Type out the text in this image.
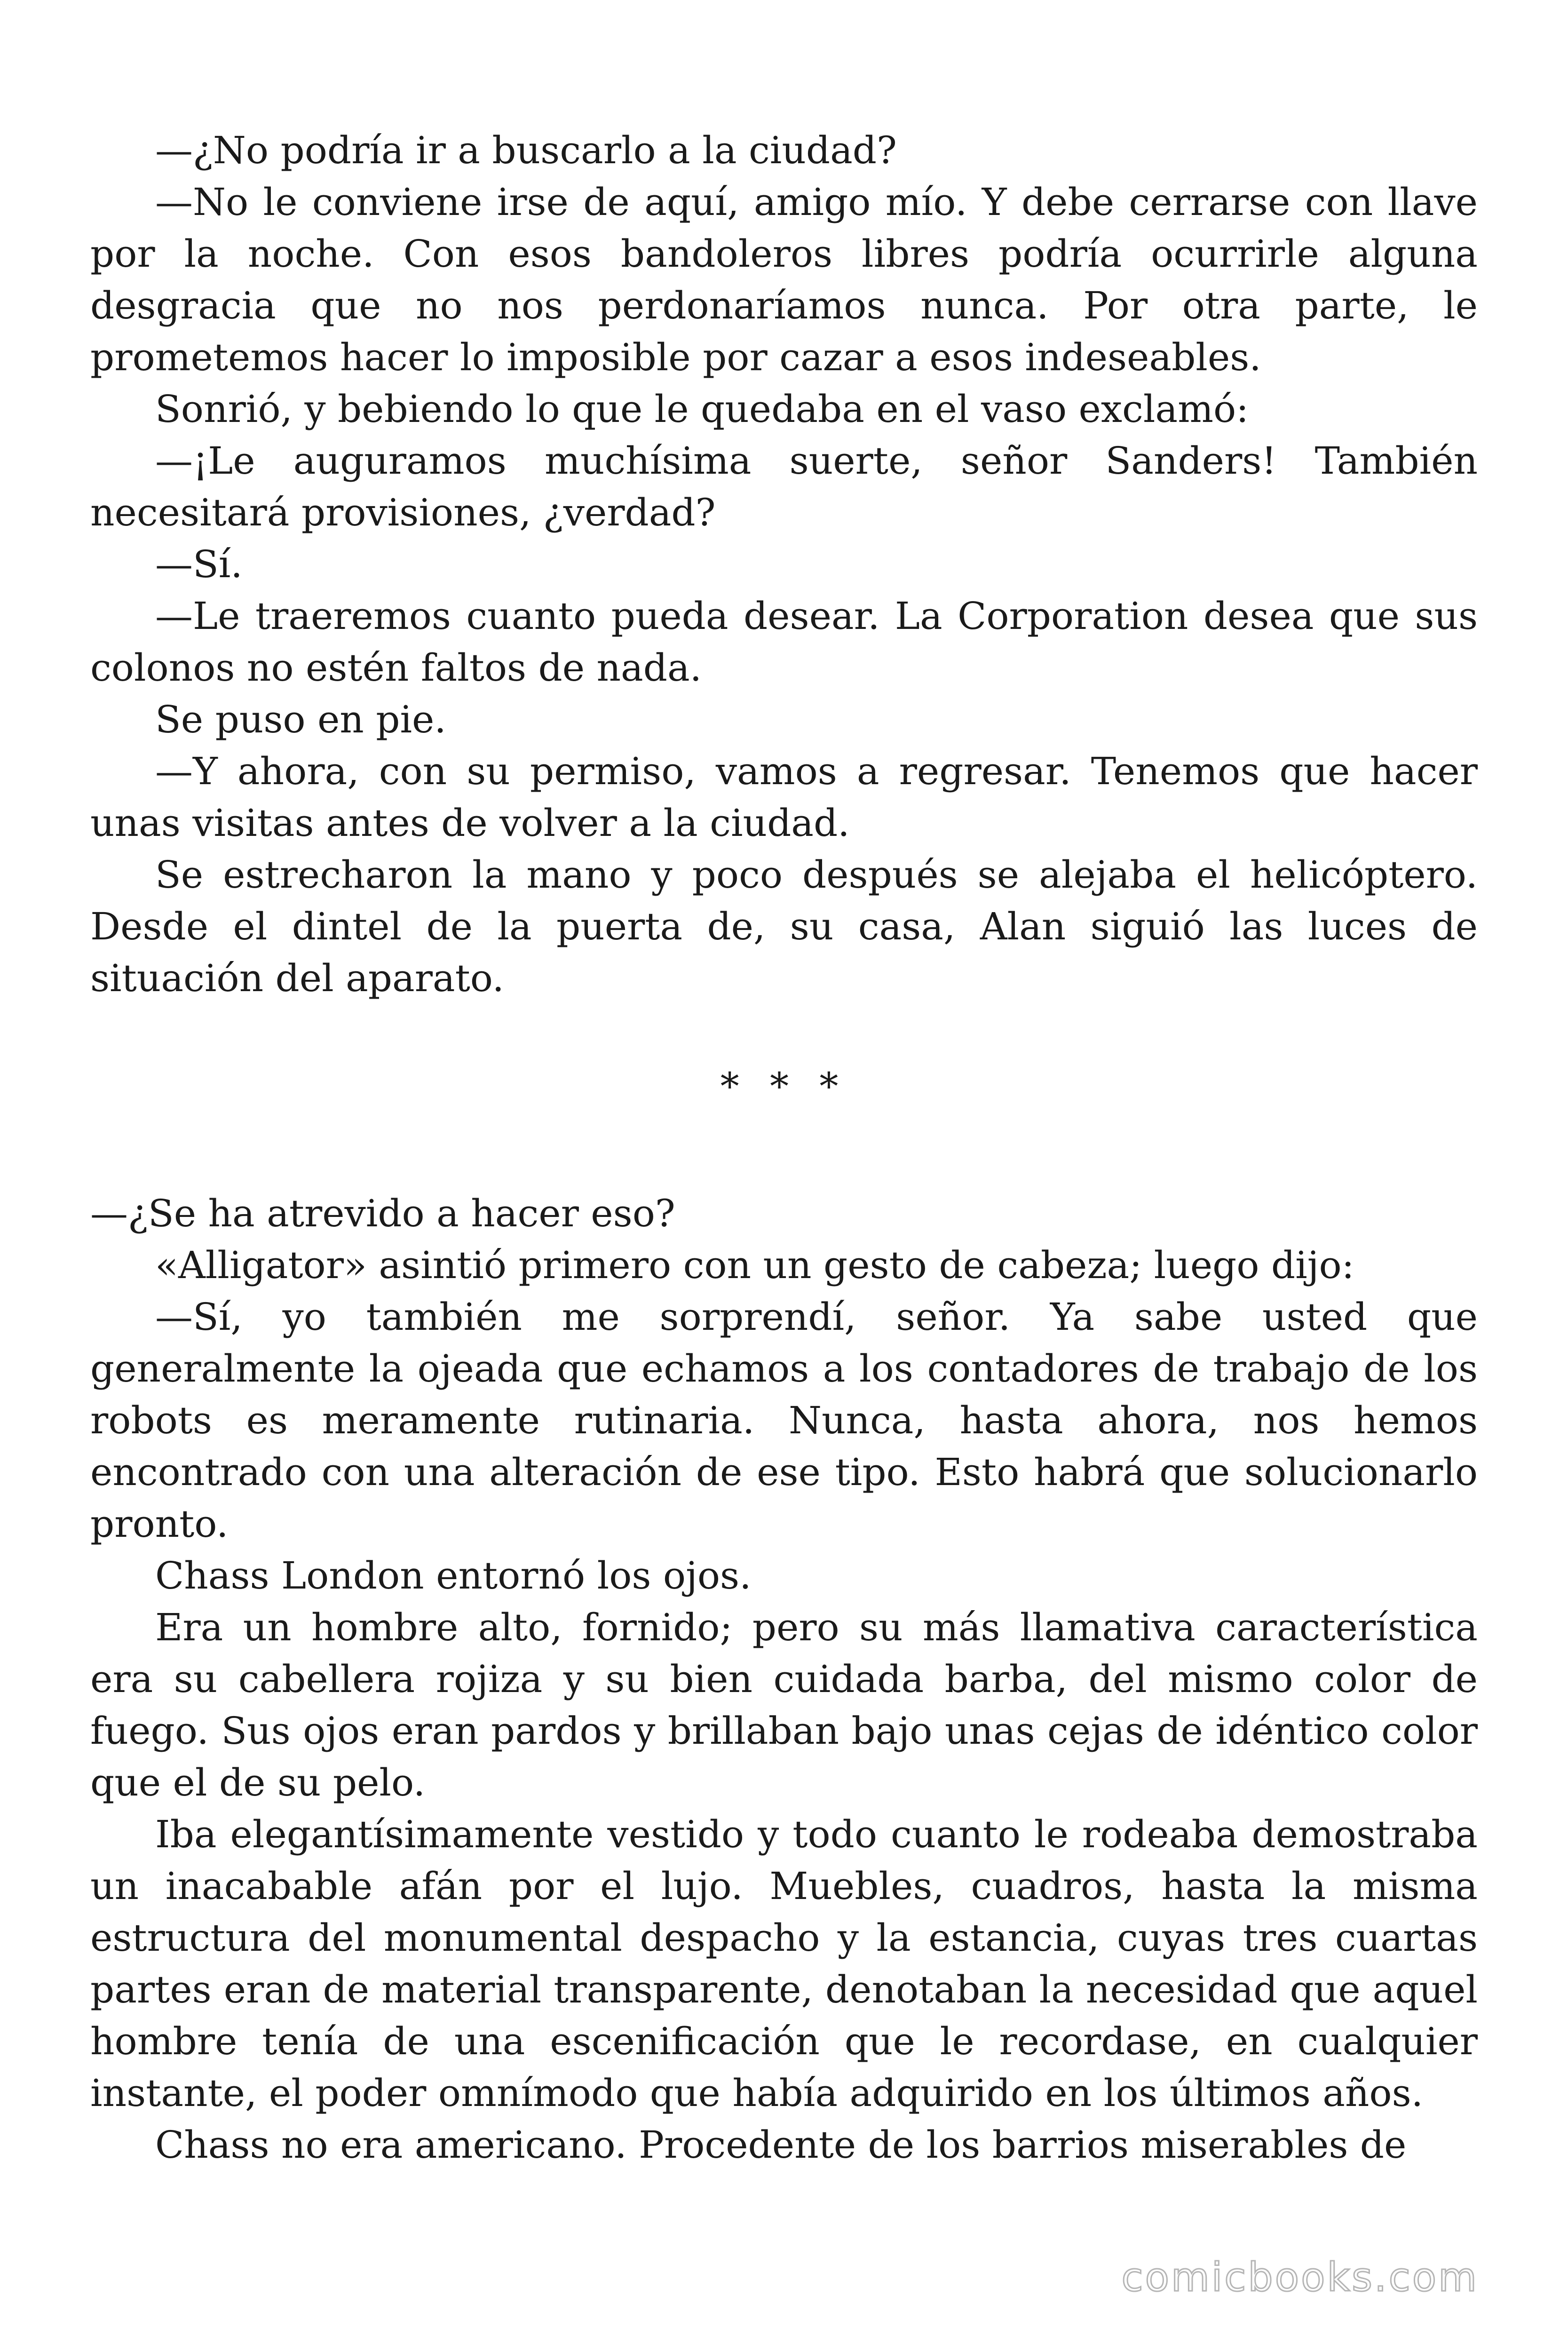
—¿No podría ir a buscarlo a la ciudad?

—No le conviene irse de aquí, amigo mío. Y debe cerrarse con llave por la noche. Con esos bandoleros libres podría ocurrirle alguna desgracia que no nos perdonaríamos nunca. Por otra parte, le prometemos hacer lo imposible por cazar a esos indeseables.

Sonrió, y bebiendo lo que le quedaba en el vaso exclamó:

—¡Le auguramos muchísima suerte, señor Sanders! También necesitará provisiones, ¿verdad?

—Sí.

—Le traeremos cuanto pueda desear. La Corporation desea que sus colonos no estén faltos de nada.

Se puso en pie.

—Y ahora, con su permiso, vamos a regresar. Tenemos que hacer unas visitas antes de volver a la ciudad.

Se estrecharon la mano y poco después se alejaba el helicóptero. Desde el dintel de la puerta de, su casa, Alan siguió las luces de situación del aparato.

* * *

—¿Se ha atrevido a hacer eso?

«Alligator» asintió primero con un gesto de cabeza; luego dijo:

—Sí, yo también me sorprendí, señor. Ya sabe usted que generalmente la ojeada que echamos a los contadores de trabajo de los robots es meramente rutinaria. Nunca, hasta ahora, nos hemos encontrado con una alteración de ese tipo. Esto habrá que solucionarlo pronto.

Chass London entornó los ojos.

Era un hombre alto, fornido; pero su más llamativa característica era su cabellera rojiza y su bien cuidada barba, del mismo color de fuego. Sus ojos eran pardos y brillaban bajo unas cejas de idéntico color que el de su pelo.

Iba elegantísimamente vestido y todo cuanto le rodeaba demostraba un inacabable afán por el lujo. Muebles, cuadros, hasta la misma estructura del monumental despacho y la estancia, cuyas tres cuartas partes eran de material transparente, denotaban la necesidad que aquel hombre tenía de una escenificación que le recordase, en cualquier instante, el poder omnímodo que había adquirido en los últimos años.

Chass no era americano. Procedente de los barrios miserables de

comicbooks.com
